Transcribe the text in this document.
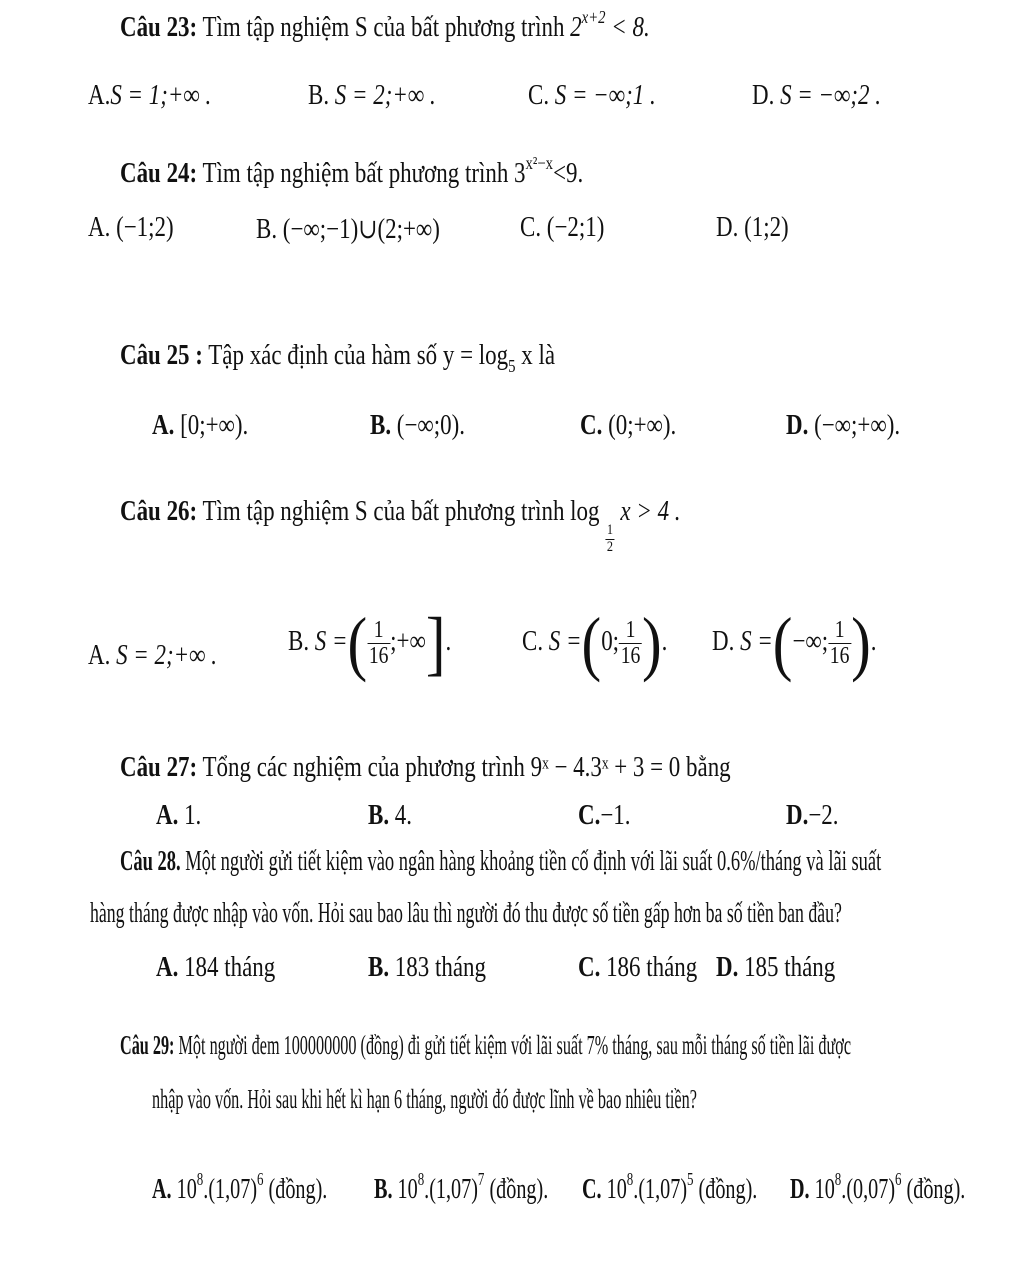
Câu 23: Tìm tập nghiệm S của bất phương trình $2^{x+2} < 8$.
A.S = 1;+∞ .	B. S = 2;+∞ .	C. S = −∞;1 .	D. S = −∞;2 .
Câu 24: Tìm tập nghiệm bất phương trình $3^{x^2-x}<9$.
A. (−1;2)	B. (−∞;−1)∪(2;+∞)	C. (−2;1)	D. (1;2)
Câu 25 : Tập xác định của hàm số $y = \log_5 x$ là
A. [0;+∞).	B. (−∞;0).	C. (0;+∞).	D. (−∞;+∞).
Câu 26: Tìm tập nghiệm S của bất phương trình log
$\frac{1}{2}$
x > 4 .
A. S = 2;+∞ .	B. S =( $\frac{1}{16}$ ;+∞].	C. S =(0; $\frac{1}{16}$ ). D. S =(−∞; $\frac{1}{16}$ ).
Câu 27: Tổng các nghiệm của phương trình 9ˣ − 4.3ˣ + 3 = 0 bằng
A. 1.	B. 4.	C.−1.	D.−2.
Câu 28. Một người gửi tiết kiệm vào ngân hàng khoảng tiền cố định với lãi suất 0.6%/tháng và lãi suất
hàng tháng được nhập vào vốn. Hỏi sau bao lâu thì người đó thu được số tiền gấp hơn ba số tiền ban đầu?
A. 184 tháng	B. 183 tháng	C. 186 tháng D. 185 tháng
Câu 29: Một người đem 100000000 (đồng) đi gửi tiết kiệm với lãi suất 7% tháng, sau mỗi tháng số tiền lãi được
nhập vào vốn. Hỏi sau khi hết kì hạn 6 tháng, người đó được lĩnh về bao nhiêu tiền?
A. $10^8.(1,07)^6$ (đồng). B. $10^8.(1,07)^7$ (đồng). C. $10^8.(1,07)^5$ (đồng). D. $10^8.(0,07)^6$ (đồng).
